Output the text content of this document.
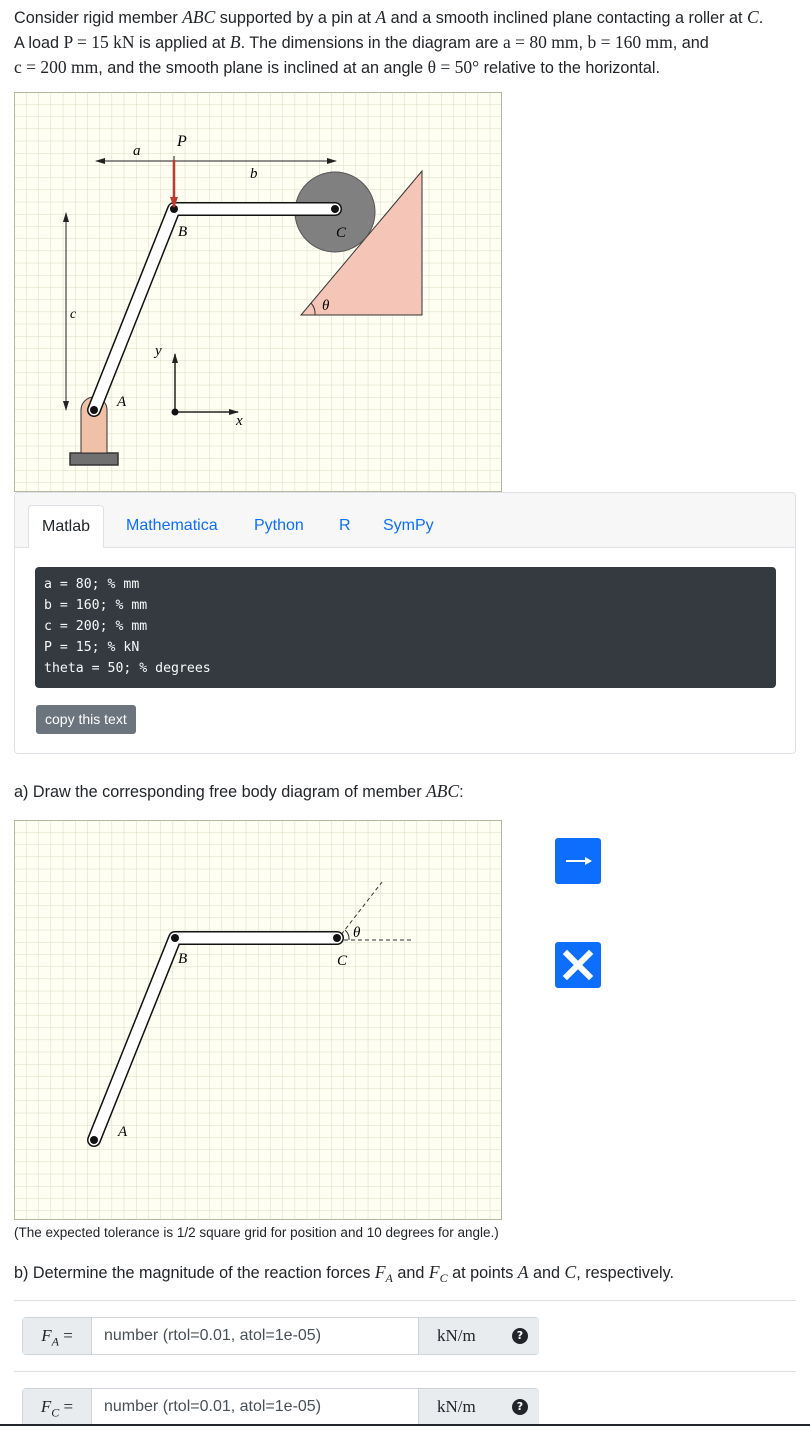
Consider rigid member ABC supported by a pin at A and a smooth inclined plane contacting a roller at C.
A load P = 15 kN is applied at B. The dimensions in the diagram are a = 80 mm, b = 160 mm, and
c = 200 mm, and the smooth plane is inclined at an angle θ = 50° relative to the horizontal.
a
b
c
θ
C
A
B
P
y
x
Matlab	Mathematica Python R SymPy
a = 80; % mm
b = 160; % mm
c = 200; % mm
P = 15; % kN
theta = 50; % degrees
copy this text
a) Draw the corresponding free body diagram of member ABC:
θ
A
B	C
(The expected tolerance is 1/2 square grid for position and 10 degrees for angle.)
b) Determine the magnitude of the reaction forces $F_A$ and $F_C$ at points A and C, respectively.
$F_A$ =
number (rtol=0.01, atol=1e-05)	kN/m	?
$F_C$ =
number (rtol=0.01, atol=1e-05)	kN/m	?
